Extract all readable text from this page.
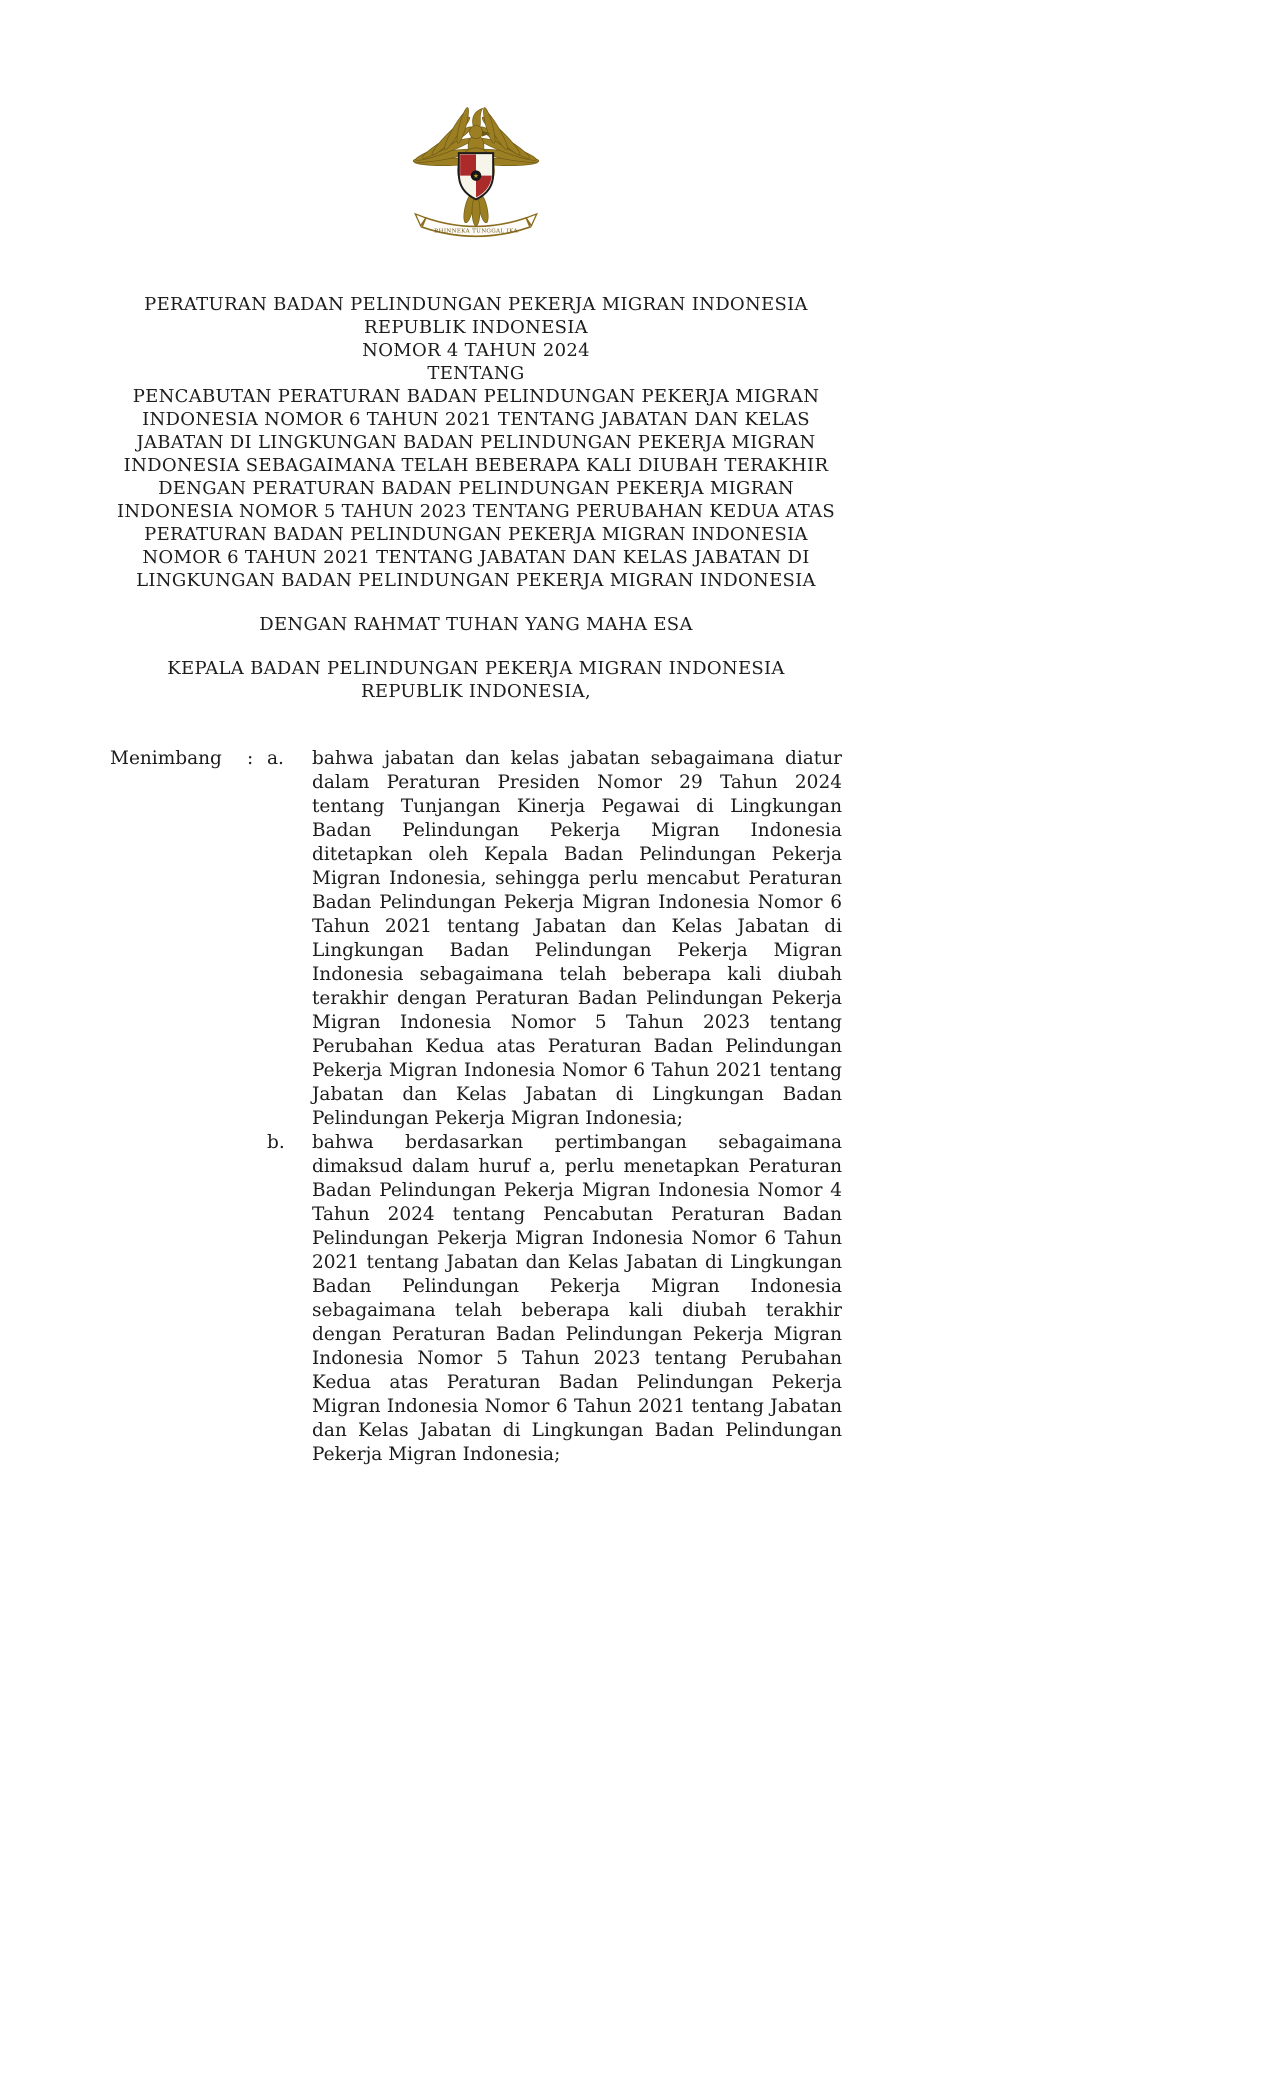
★
BHINNEKA TUNGGAL IKA
PERATURAN BADAN PELINDUNGAN PEKERJA MIGRAN INDONESIA
REPUBLIK INDONESIA
NOMOR 4 TAHUN 2024
TENTANG
PENCABUTAN PERATURAN BADAN PELINDUNGAN PEKERJA MIGRAN INDONESIA NOMOR 6 TAHUN 2021 TENTANG JABATAN DAN KELAS JABATAN DI LINGKUNGAN BADAN PELINDUNGAN PEKERJA MIGRAN INDONESIA SEBAGAIMANA TELAH BEBERAPA KALI DIUBAH TERAKHIR DENGAN PERATURAN BADAN PELINDUNGAN PEKERJA MIGRAN INDONESIA NOMOR 5 TAHUN 2023 TENTANG PERUBAHAN KEDUA ATAS PERATURAN BADAN PELINDUNGAN PEKERJA MIGRAN INDONESIA NOMOR 6 TAHUN 2021 TENTANG JABATAN DAN KELAS JABATAN DI LINGKUNGAN BADAN PELINDUNGAN PEKERJA MIGRAN INDONESIA
DENGAN RAHMAT TUHAN YANG MAHA ESA
KEPALA BADAN PELINDUNGAN PEKERJA MIGRAN INDONESIA
REPUBLIK INDONESIA,
Menimbang	: a.	bahwa jabatan dan kelas jabatan sebagaimana diatur dalam Peraturan Presiden Nomor 29 Tahun 2024 tentang Tunjangan Kinerja Pegawai di Lingkungan Badan Pelindungan Pekerja Migran Indonesia ditetapkan oleh Kepala Badan Pelindungan Pekerja Migran Indonesia, sehingga perlu mencabut Peraturan Badan Pelindungan Pekerja Migran Indonesia Nomor 6 Tahun 2021 tentang Jabatan dan Kelas Jabatan di Lingkungan Badan Pelindungan Pekerja Migran Indonesia sebagaimana telah beberapa kali diubah terakhir dengan Peraturan Badan Pelindungan Pekerja Migran Indonesia Nomor 5 Tahun 2023 tentang Perubahan Kedua atas Peraturan Badan Pelindungan Pekerja Migran Indonesia Nomor 6 Tahun 2021 tentang Jabatan dan Kelas Jabatan di Lingkungan Badan Pelindungan Pekerja Migran Indonesia;
b.	bahwa berdasarkan pertimbangan sebagaimana dimaksud dalam huruf a, perlu menetapkan Peraturan Badan Pelindungan Pekerja Migran Indonesia Nomor 4 Tahun 2024 tentang Pencabutan Peraturan Badan Pelindungan Pekerja Migran Indonesia Nomor 6 Tahun 2021 tentang Jabatan dan Kelas Jabatan di Lingkungan Badan Pelindungan Pekerja Migran Indonesia sebagaimana telah beberapa kali diubah terakhir dengan Peraturan Badan Pelindungan Pekerja Migran Indonesia Nomor 5 Tahun 2023 tentang Perubahan Kedua atas Peraturan Badan Pelindungan Pekerja Migran Indonesia Nomor 6 Tahun 2021 tentang Jabatan dan Kelas Jabatan di Lingkungan Badan Pelindungan Pekerja Migran Indonesia;
